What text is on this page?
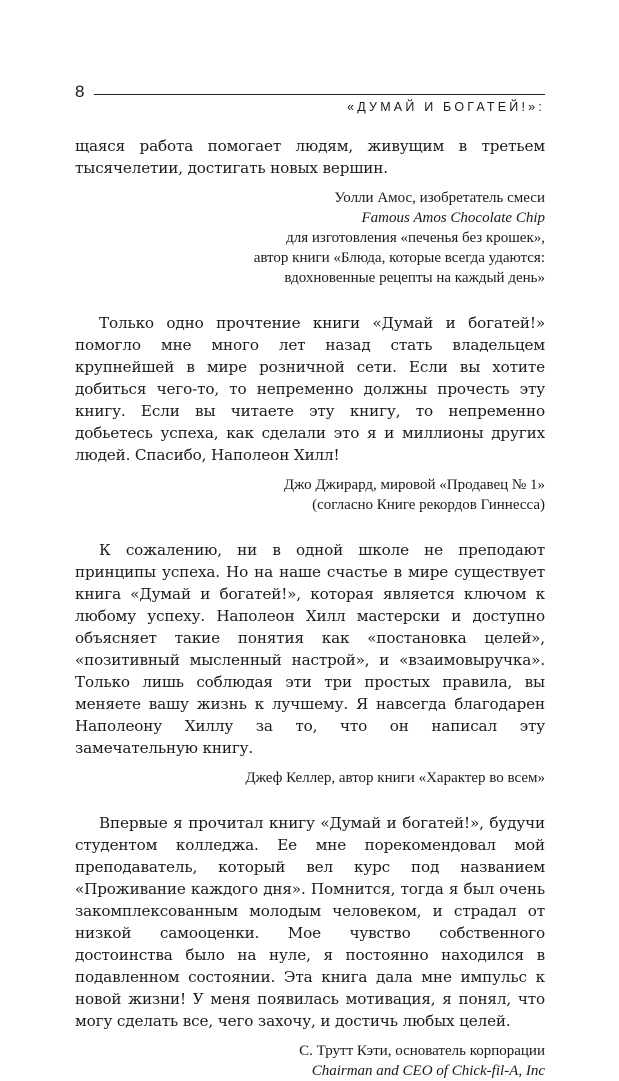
8
«ДУМАЙ И БОГАТЕЙ!»:

щаяся работа помогает людям, живущим в третьем тысячелетии, достигать новых вершин.

Уолли Амос, изобретатель смеси
Famous Amos Chocolate Chip
для изготовления «печенья без крошек»,
автор книги «Блюда, которые всегда удаются:
вдохновенные рецепты на каждый день»

Только одно прочтение книги «Думай и богатей!» помогло мне много лет назад стать владельцем крупнейшей в мире розничной сети. Если вы хотите добиться чего-то, то непременно должны прочесть эту книгу. Если вы читаете эту книгу, то непременно добьетесь успеха, как сделали это я и миллионы других людей. Спасибо, Наполеон Хилл!

Джо Джирард, мировой «Продавец № 1»
(согласно Книге рекордов Гиннесса)

К сожалению, ни в одной школе не преподают принципы успеха. Но на наше счастье в мире существует книга «Думай и богатей!», которая является ключом к любому успеху. Наполеон Хилл мастерски и доступно объясняет такие понятия как «постановка целей», «позитивный мысленный настрой», и «взаимовыручка». Только лишь соблюдая эти три простых правила, вы меняете вашу жизнь к лучшему. Я навсегда благодарен Наполеону Хиллу за то, что он написал эту замечательную книгу.

Джеф Келлер, автор книги «Характер во всем»

Впервые я прочитал книгу «Думай и богатей!», будучи студентом колледжа. Ее мне порекомендовал мой преподаватель, который вел курс под названием «Проживание каждого дня». Помнится, тогда я был очень закомплексованным молодым человеком, и страдал от низкой самооценки. Мое чувство собственного достоинства было на нуле, я постоянно находился в подавленном состоянии. Эта книга дала мне импульс к новой жизни! У меня появилась мотивация, я понял, что могу сделать все, чего захочу, и достичь любых целей.

С. Трутт Кэти, основатель корпорации
Chairman and CEO of Chick-fil-A, Inc
